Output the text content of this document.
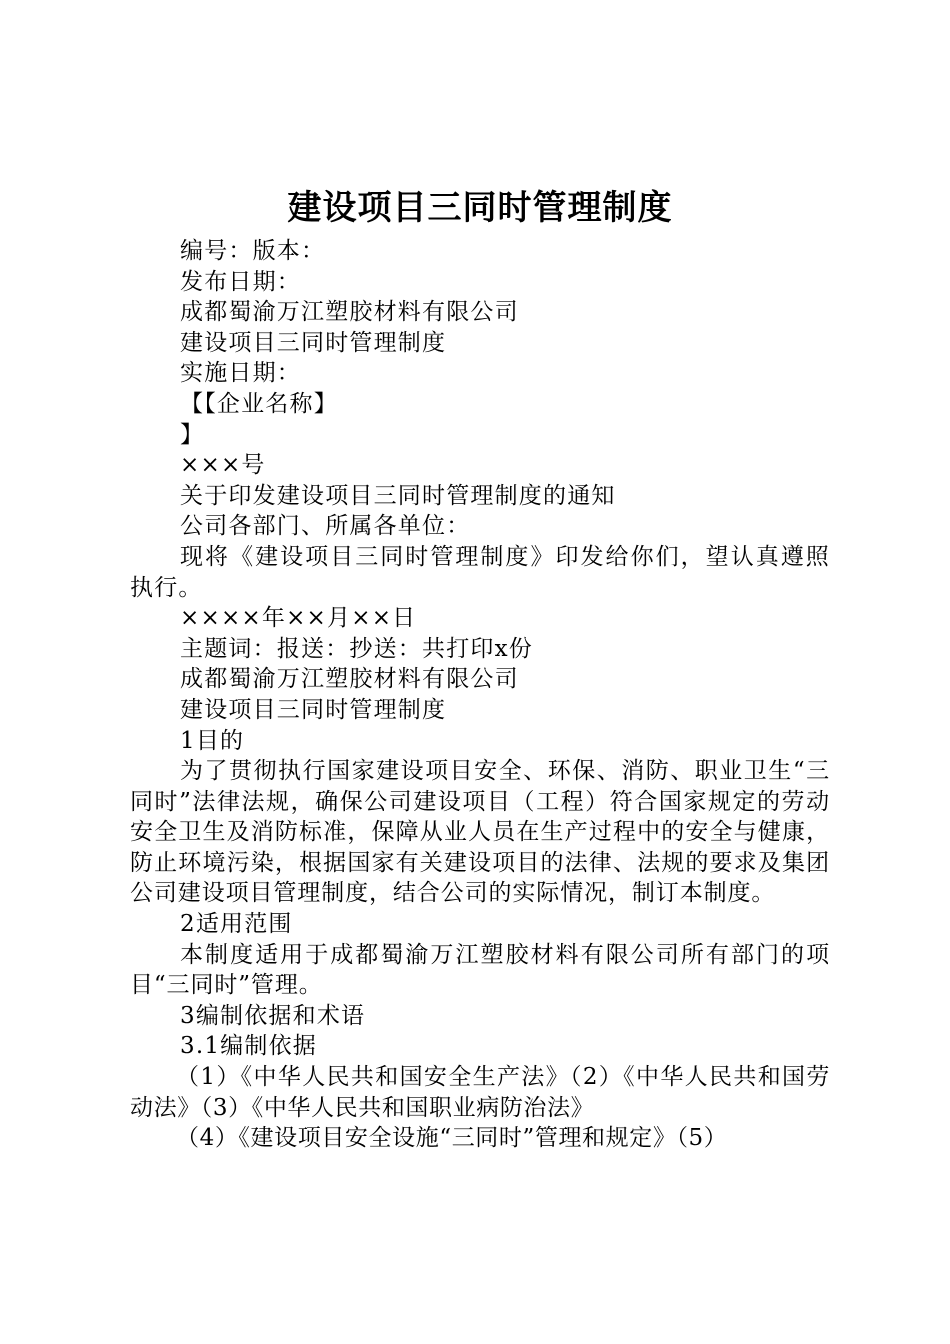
建设项目三同时管理制度

编号：版本：

发布日期：

成都蜀渝万江塑胶材料有限公司

建设项目三同时管理制度

实施日期：

【【企业名称】

】

×××号

关于印发建设项目三同时管理制度的通知

公司各部门、所属各单位：

现将《建设项目三同时管理制度》印发给你们，望认真遵照执行。

××××年××月××日

主题词：报送：抄送：共打印x份

成都蜀渝万江塑胶材料有限公司

建设项目三同时管理制度

1目的

为了贯彻执行国家建设项目安全、环保、消防、职业卫生“三同时”法律法规，确保公司建设项目（工程）符合国家规定的劳动安全卫生及消防标准，保障从业人员在生产过程中的安全与健康，防止环境污染，根据国家有关建设项目的法律、法规的要求及集团公司建设项目管理制度，结合公司的实际情况，制订本制度。

2适用范围

本制度适用于成都蜀渝万江塑胶材料有限公司所有部门的项目“三同时”管理。

3编制依据和术语

3.1编制依据

（1）《中华人民共和国安全生产法》（2）《中华人民共和国劳动法》（3）《中华人民共和国职业病防治法》

（4）《建设项目安全设施“三同时”管理和规定》（5）
